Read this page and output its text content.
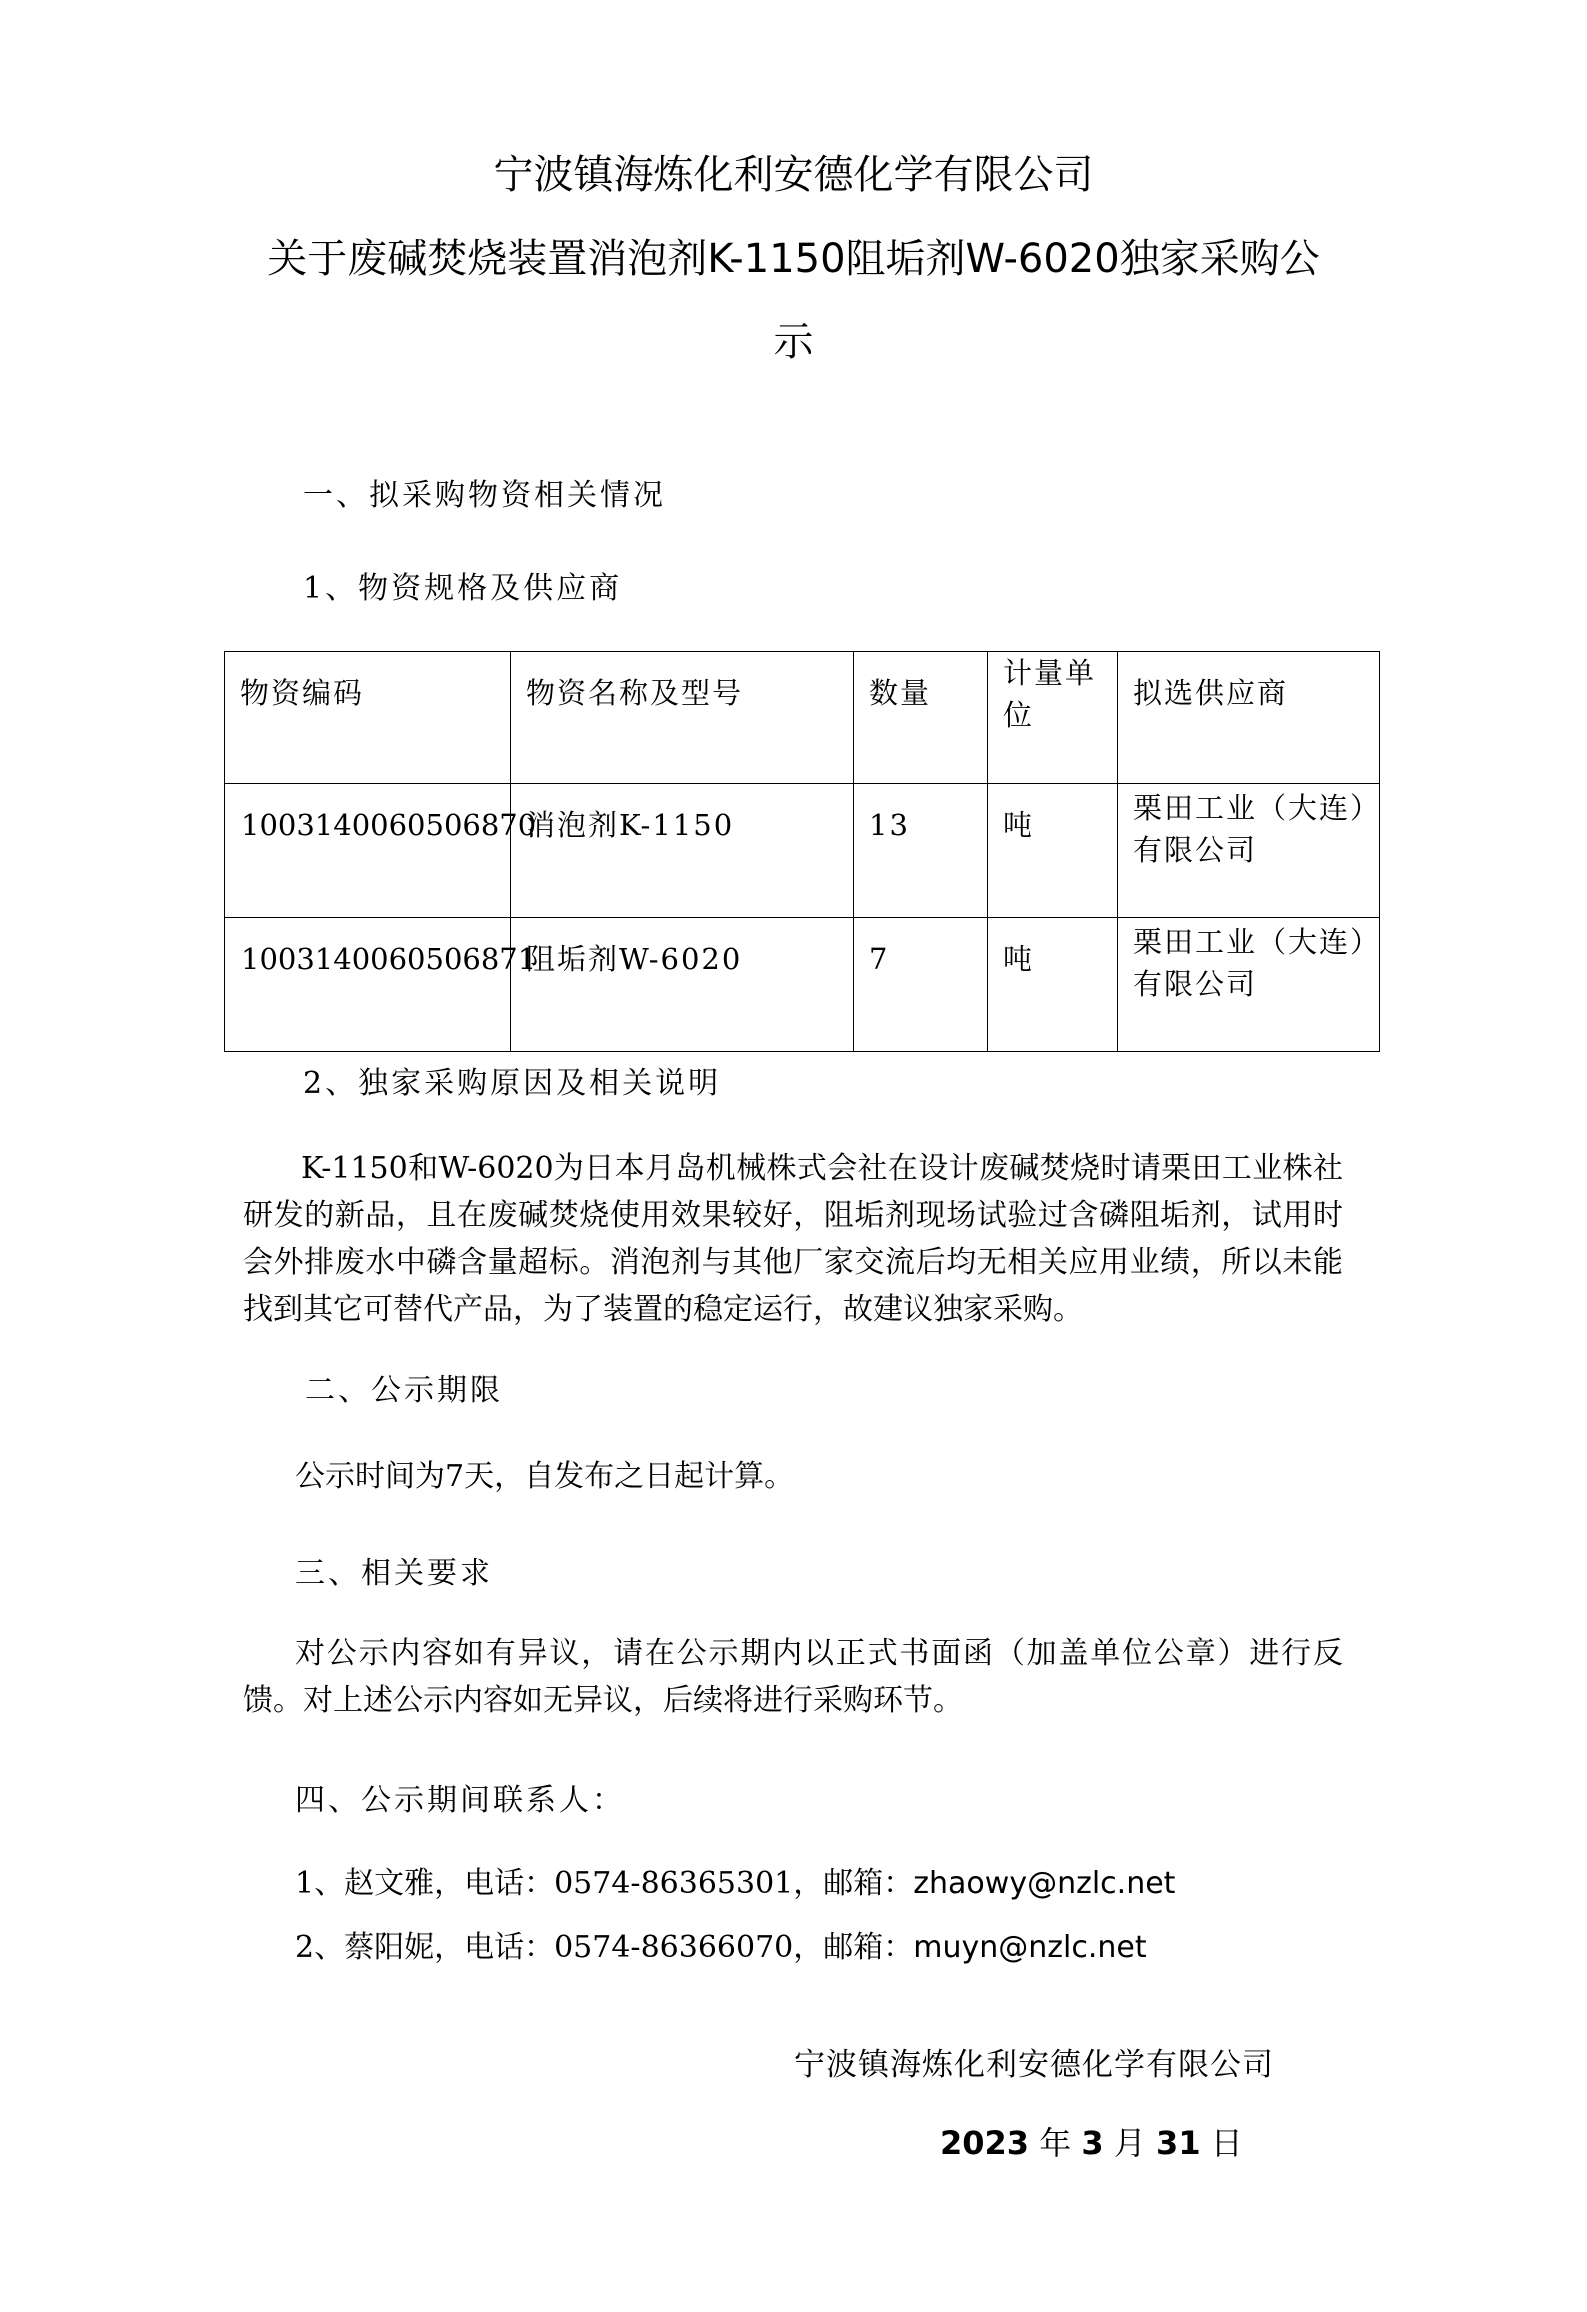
宁波镇海炼化利安德化学有限公司
关于废碱焚烧装置消泡剂K-1150阻垢剂W-6020独家采购公
示
一、拟采购物资相关情况
1、物资规格及供应商
物资编码	物资名称及型号	数量	计量单位	拟选供应商
1003140060506870	消泡剂K-1150	13	吨	栗田工业（大连）有限公司
1003140060506871	阻垢剂W-6020	7	吨	栗田工业（大连）有限公司
2、独家采购原因及相关说明
K-1150和W-6020为日本月岛机械株式会社在设计废碱焚烧时请栗田工业株社研发的新品，且在废碱焚烧使用效果较好，阻垢剂现场试验过含磷阻垢剂，试用时会外排废水中磷含量超标。消泡剂与其他厂家交流后均无相关应用业绩，所以未能找到其它可替代产品，为了装置的稳定运行，故建议独家采购。
二、公示期限
公示时间为7天，自发布之日起计算。
三、相关要求
对公示内容如有异议，请在公示期内以正式书面函（加盖单位公章）进行反馈。对上述公示内容如无异议，后续将进行采购环节。
四、公示期间联系人：
1、赵文雅，电话：0574-86365301，邮箱：zhaowy@nzlc.net
2、蔡阳妮，电话：0574-86366070，邮箱：muyn@nzlc.net
宁波镇海炼化利安德化学有限公司
2023 年 3 月 31 日
